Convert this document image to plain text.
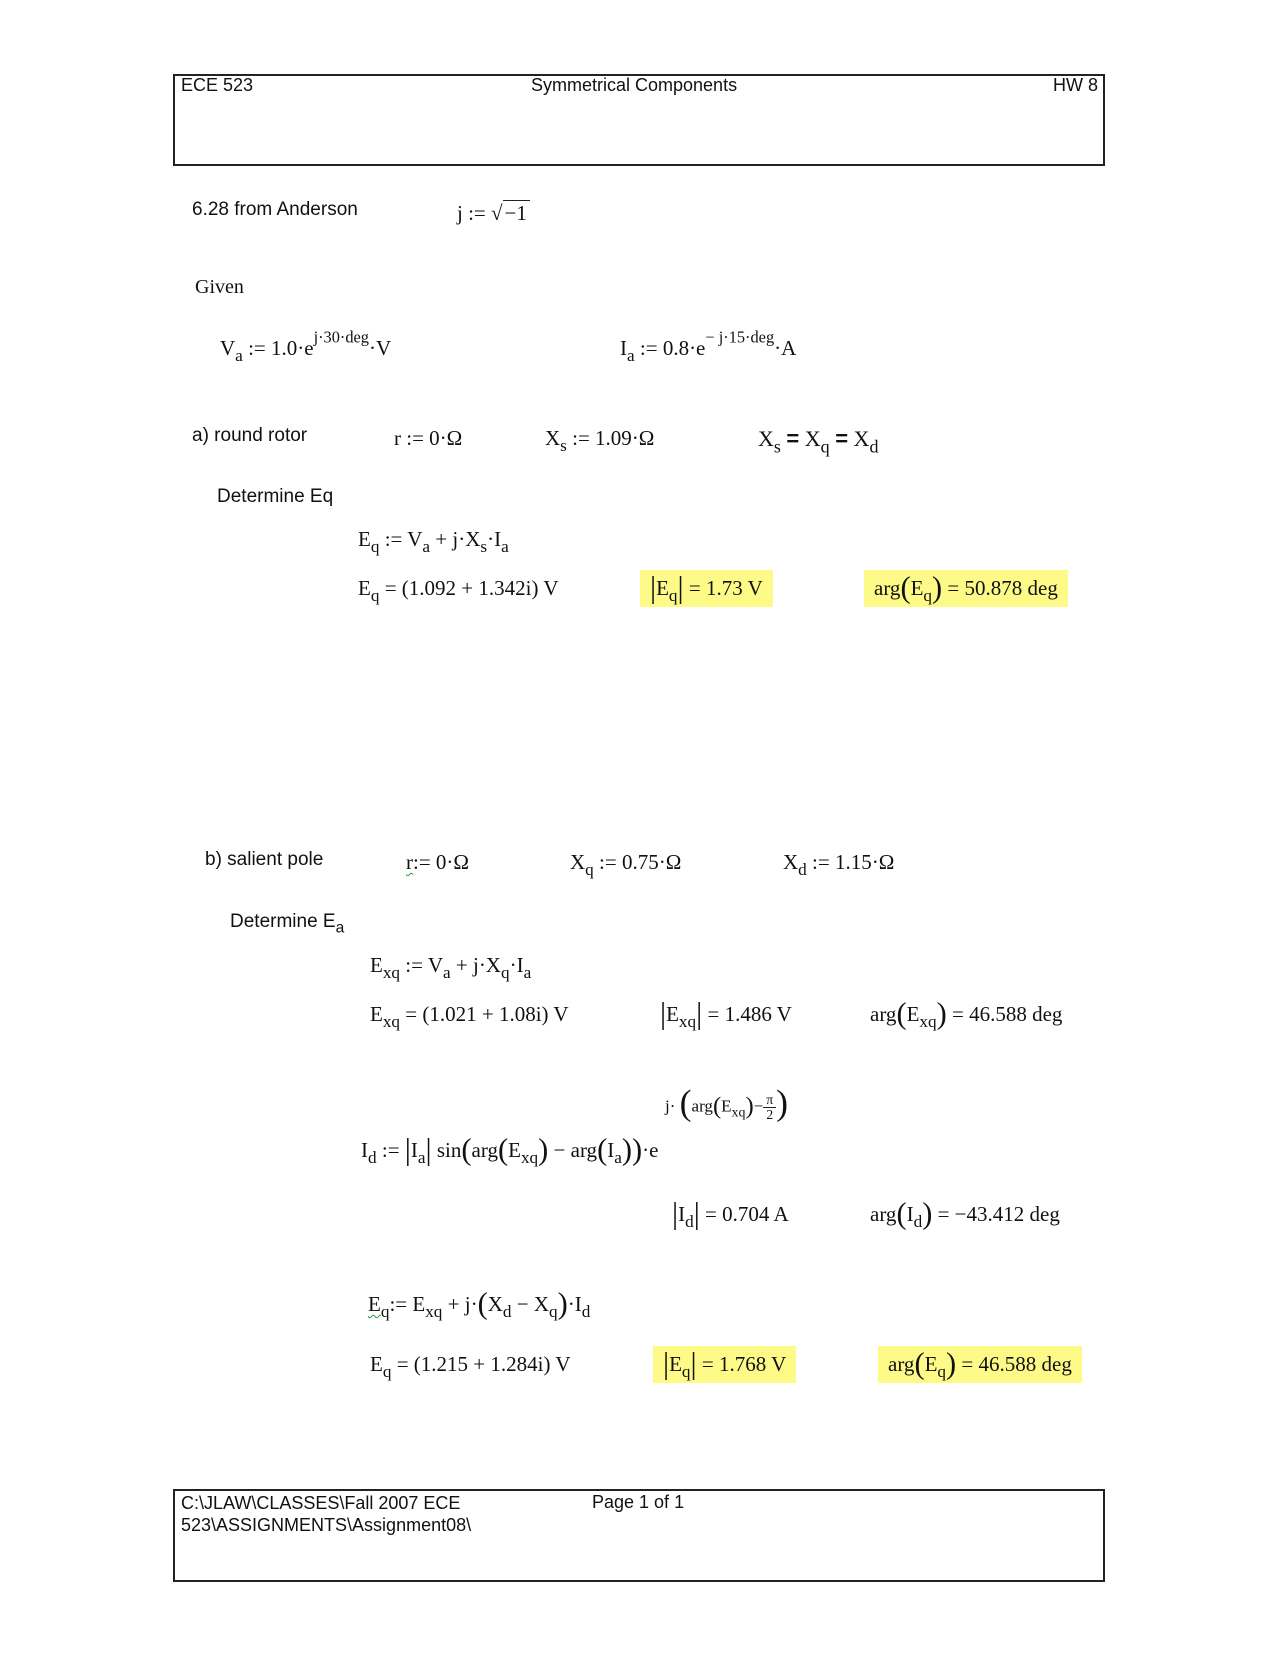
ECE 523	Symmetrical Components	HW 8
6.28 from Anderson	j := √−1
Given
$V_a$ := $1.0\cdot e^{j\cdot 30\cdot deg}\cdot V$	$I_a$ := $0.8\cdot e^{- j\cdot 15\cdot deg}\cdot A$
a) round rotor	r := 0·Ω	$X_s$ := 1.09·Ω	$X_s = X_q = X_d$
Determine Eq
$E_q$ := $V_a + j\cdot X_s\cdot I_a$
$E_q = (1.092 + 1.342i)$ V	$|E_q| = 1.73$ V	$arg(E_q) = 50.878$ deg
b) salient pole	r:= 0·Ω	$X_q$ := 0.75·Ω	$X_d$ := 1.15·Ω
Determine $E_a$
$E_{xq}$ := $V_a + j\cdot X_q\cdot I_a$
$E_{xq} = (1.021 + 1.08i)$ V	$|E_{xq}| = 1.486$ V	$arg(E_{xq}) = 46.588$ deg
$I_d$ := $|I_a|$ $\sin(arg(E_{xq}) - arg(I_a))\cdot e$
$j\cdot (arg(E_{xq})- \frac{\pi}{2}$ )
$|I_d| = 0.704$ A	$arg(I_d) = -43.412$ deg
$E_q:= E_{xq} + j\cdot(X_d - X_q)\cdot I_d$
$E_q = (1.215 + 1.284i)$ V	$|E_q| = 1.768$ V	$arg(E_q) = 46.588$ deg
C:\JLAW\CLASSES\Fall 2007 ECE 523\ASSIGNMENTS\Assignment08\
Page 1 of 1
